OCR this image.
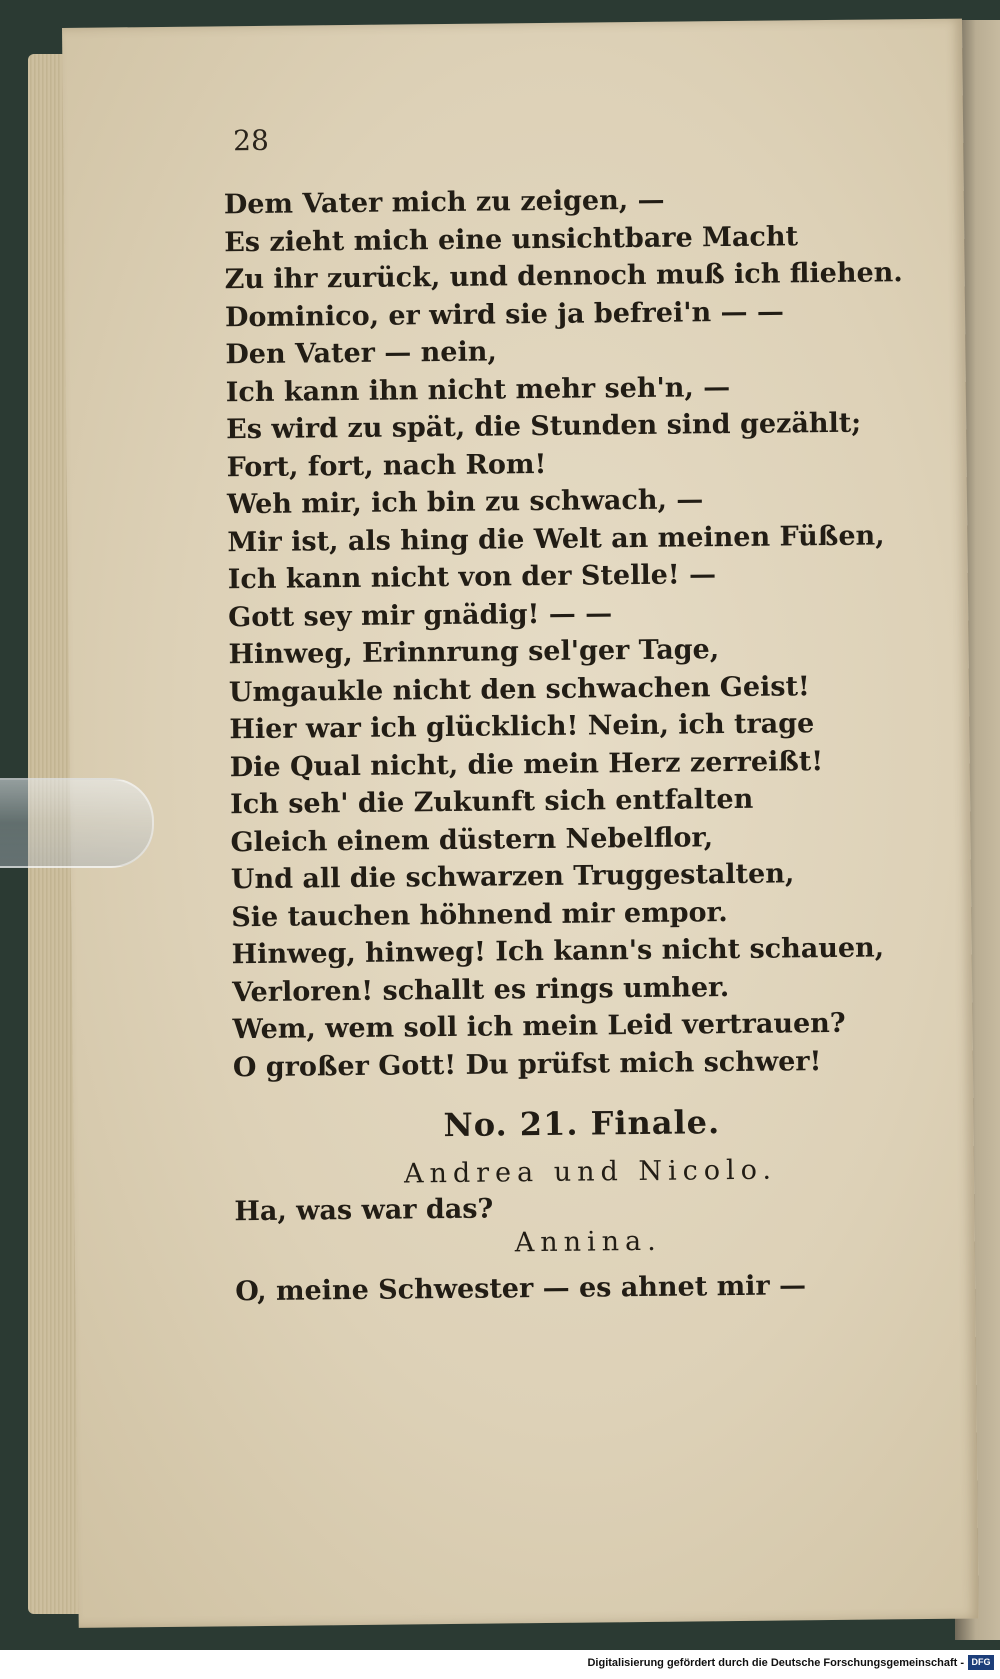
28
Dem Vater mich zu zeigen, —
Es zieht mich eine unsichtbare Macht
Zu ihr zurück, und dennoch muß ich fliehen.
Dominico, er wird sie ja befrei'n — —
Den Vater — nein,
Ich kann ihn nicht mehr seh'n, —
Es wird zu spät, die Stunden sind gezählt;
Fort, fort, nach Rom!
Weh mir, ich bin zu schwach, —
Mir ist, als hing die Welt an meinen Füßen,
Ich kann nicht von der Stelle! —
Gott sey mir gnädig! — —
Hinweg, Erinnrung sel'ger Tage,
Umgaukle nicht den schwachen Geist!
Hier war ich glücklich! Nein, ich trage
Die Qual nicht, die mein Herz zerreißt!
Ich seh' die Zukunft sich entfalten
Gleich einem düstern Nebelflor,
Und all die schwarzen Truggestalten,
Sie tauchen höhnend mir empor.
Hinweg, hinweg! Ich kann's nicht schauen,
Verloren! schallt es rings umher.
Wem, wem soll ich mein Leid vertrauen?
O großer Gott! Du prüfst mich schwer!
No. 21. Finale.
Andrea und Nicolo.
Ha, was war das?
Annina.
O, meine Schwester — es ahnet mir —
Digitalisierung gefördert durch die Deutsche Forschungsgemeinschaft - DFG
